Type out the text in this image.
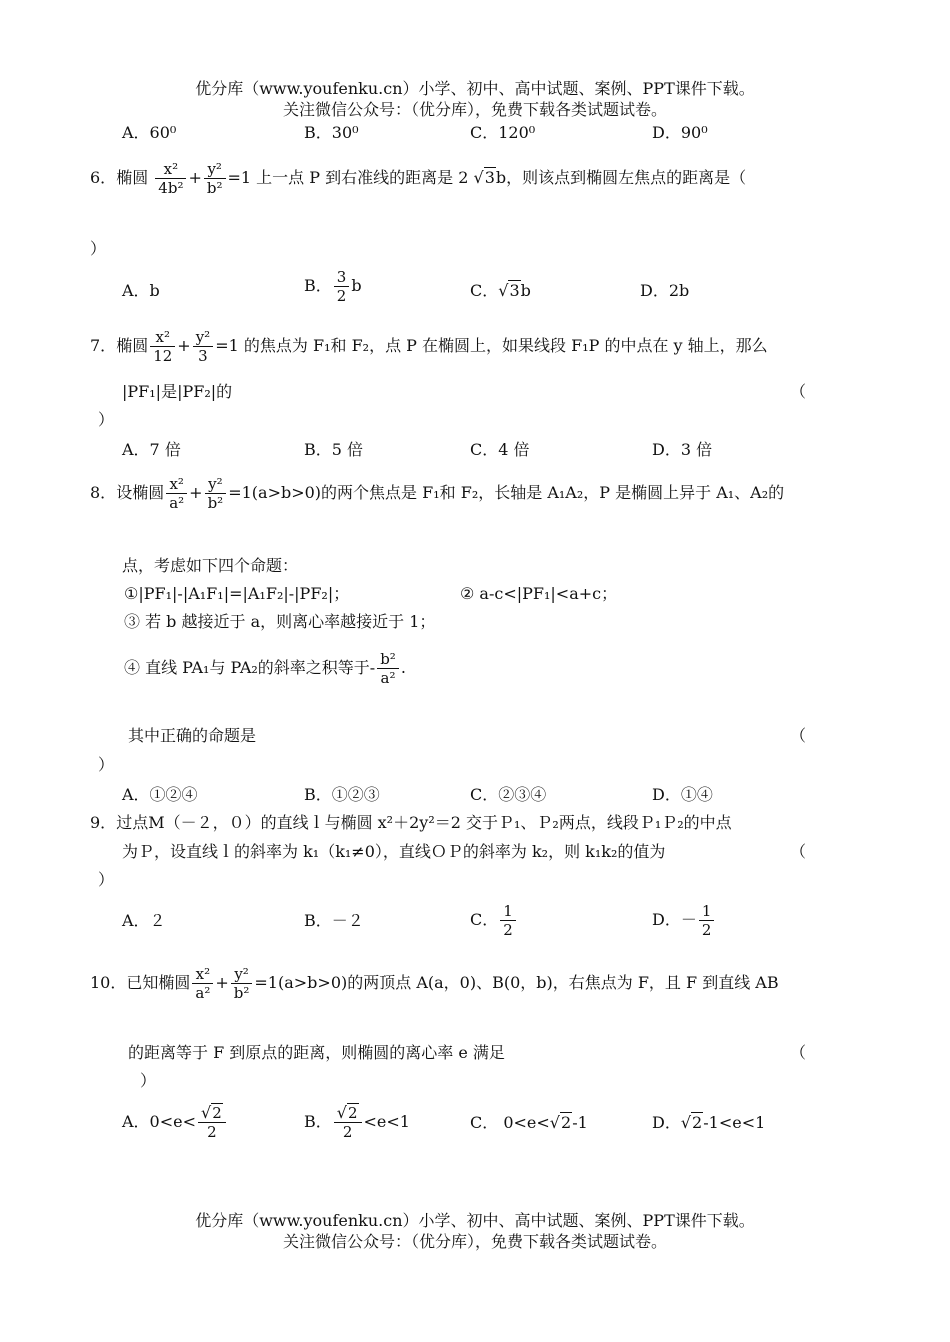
优分库（www.youfenku.cn）小学、初中、高中试题、案例、PPT课件下载。
关注微信公众号：（优分库），免费下载各类试题试卷。
A．60⁰	B．30⁰	C．120⁰	D．90⁰
6．椭圆 $\frac{\text{x²}}{\text{4b²}} + \frac{\text{y²}}{\text{b²}} =1$ 上一点 P 到右准线的距离是 2 √3b，则该点到椭圆左焦点的距离是（
）
A．b	B． $\frac{3}{2}$ b	C．√3b	D．2b
7．椭圆 $\frac{\text{x²}}{12} + \frac{\text{y²}}{3} =1$ 的焦点为 F₁和 F₂，点 P 在椭圆上，如果线段 F₁P 的中点在 y 轴上，那么
|PF₁|是|PF₂|的	（
）
A．7 倍	B．5 倍	C．4 倍	D．3 倍
8．设椭圆 $\frac{\text{x²}}{\text{a²}} + \frac{\text{y²}}{\text{b²}} =1(a>b>0)$的两个焦点是 F₁和 F₂，长轴是 A₁A₂，P 是椭圆上异于 A₁、A₂的
点，考虑如下四个命题：
①|PF₁|-|A₁F₁|=|A₁F₂|-|PF₂|；	② a-c<|PF₁|<a+c；
③ 若 b 越接近于 a，则离心率越接近于 1；
④ 直线 PA₁与 PA₂的斜率之积等于- $\frac{\text{b²}}{\text{a²}}$ .
其中正确的命题是	（
）
A．①②④	B．①②③	C．②③④	D．①④
9．过点M（－２，０）的直线ｌ与椭圆 x²＋2y²＝2 交于Ｐ₁、Ｐ₂两点，线段Ｐ₁Ｐ₂的中点
为Ｐ，设直线ｌ的斜率为 k₁（k₁≠0），直线ＯＰ的斜率为 k₂，则 k₁k₂的值为	（
）
A．２	B．－２	C． $\frac{1}{2}$	D．－ $\frac{1}{2}$
10．已知椭圆 $\frac{\text{x²}}{\text{a²}} + \frac{\text{y²}}{\text{b²}} =1(a>b>0)$的两顶点 A(a，0)、B(0，b)，右焦点为 F，且 F 到直线 AB
的距离等于 F 到原点的距离，则椭圆的离心率 e 满足	（
）
A．$0<e< \frac{√2}{2}$	B． $\frac{√2}{2} <e<1$	C． 0<e<√2-1	D．√2-1<e<1
优分库（www.youfenku.cn）小学、初中、高中试题、案例、PPT课件下载。
关注微信公众号：（优分库），免费下载各类试题试卷。
